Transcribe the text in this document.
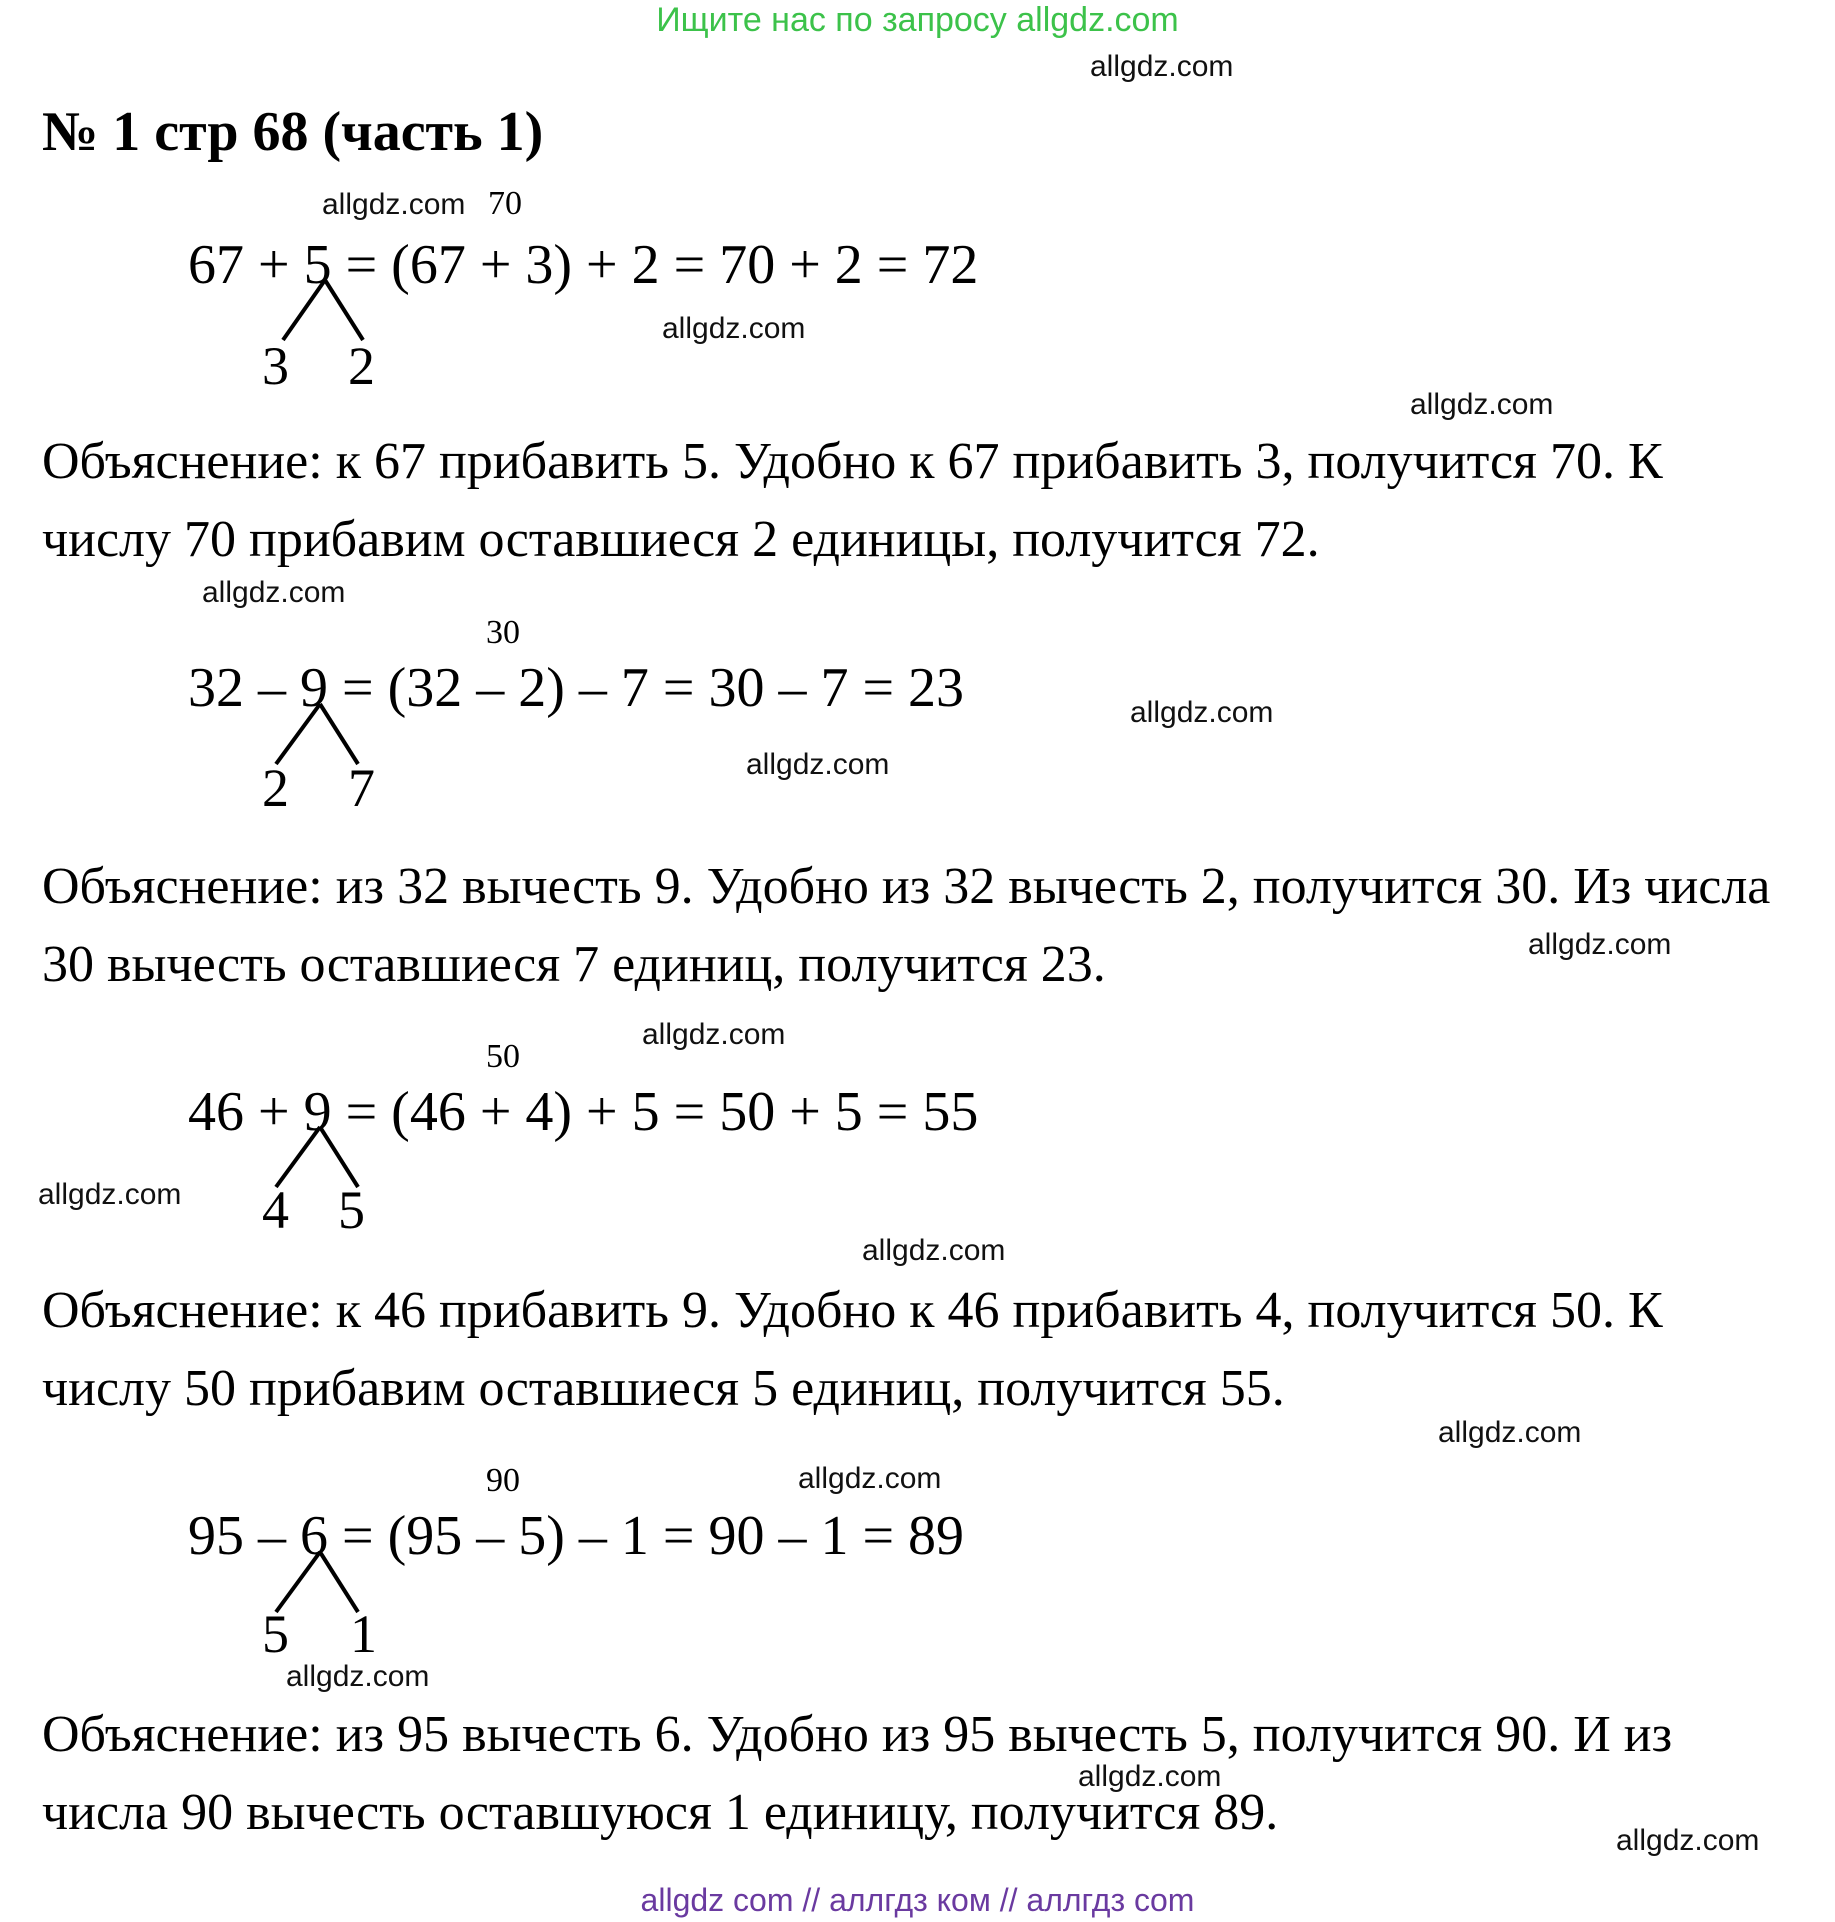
Ищите нас по запросу allgdz.com
allgdz com // аллгдз ком // аллгдз com
№ 1 стр 68 (часть 1)
70
67 + 5 = (67 + 3) + 2 = 70 + 2 = 72
3 2
Объяснение: к 67 прибавить 5. Удобно к 67 прибавить 3, получится 70. К числу 70 прибавим оставшиеся 2 единицы, получится 72.
30
32 – 9 = (32 – 2) – 7 = 30 – 7 = 23
2 7
Объяснение: из 32 вычесть 9. Удобно из 32 вычесть 2, получится 30. Из числа 30 вычесть оставшиеся 7 единиц, получится 23.
50
46 + 9 = (46 + 4) + 5 = 50 + 5 = 55
4 5
Объяснение: к 46 прибавить 9. Удобно к 46 прибавить 4, получится 50. К числу 50 прибавим оставшиеся 5 единиц, получится 55.
90
95 – 6 = (95 – 5) – 1 = 90 – 1 = 89
5 1
Объяснение: из 95 вычесть 6. Удобно из 95 вычесть 5, получится 90. И из числа 90 вычесть оставшуюся 1 единицу, получится 89.
allgdz.com
allgdz.com
allgdz.com
allgdz.com
allgdz.com
allgdz.com
allgdz.com
allgdz.com
allgdz.com
allgdz.com
allgdz.com
allgdz.com
allgdz.com
allgdz.com
allgdz.com
allgdz.com
